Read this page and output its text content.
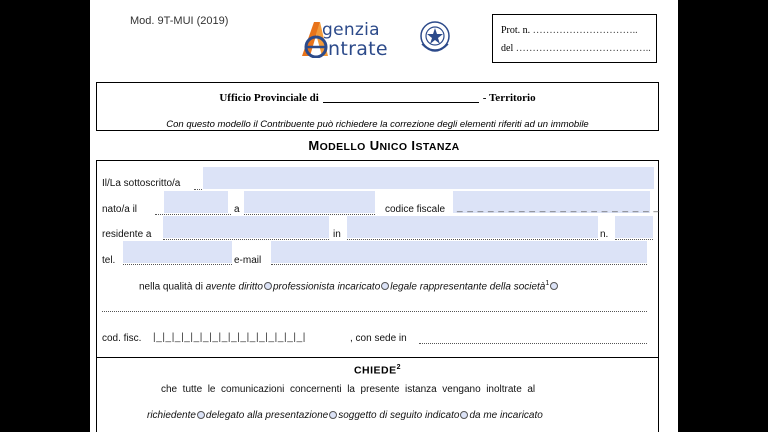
Mod. 9T-MUI (2019)	genzia
ntrate
Prot. n. …………………………..
del …………………………………..
Ufficio Provinciale di	- Territorio
Con questo modello il Contribuente può richiedere la correzione degli elementi riferiti ad un immobile
MODELLO UNICO ISTANZA
Il/La sottoscritto/a
nato/a il	a	codice fiscale _ _ _ _ _ _ _ _ _ _ _ _ _ _ _ _ _ _ _ _
residente a	in	n.
tel.	e-mail
nella qualità di avente diritto professionista incaricato legale rappresentante della società$^1$
cod. fisc. |_|_|_|_|_|_|_|_|_|_|_|_|_|_|_|_|	, con sede in
CHIEDE$^2$
che  tutte  le  comunicazioni  concernenti  la  presente  istanza  vengano  inoltrate  al
richiedente delegato alla presentazione soggetto di seguito indicato da me incaricato
